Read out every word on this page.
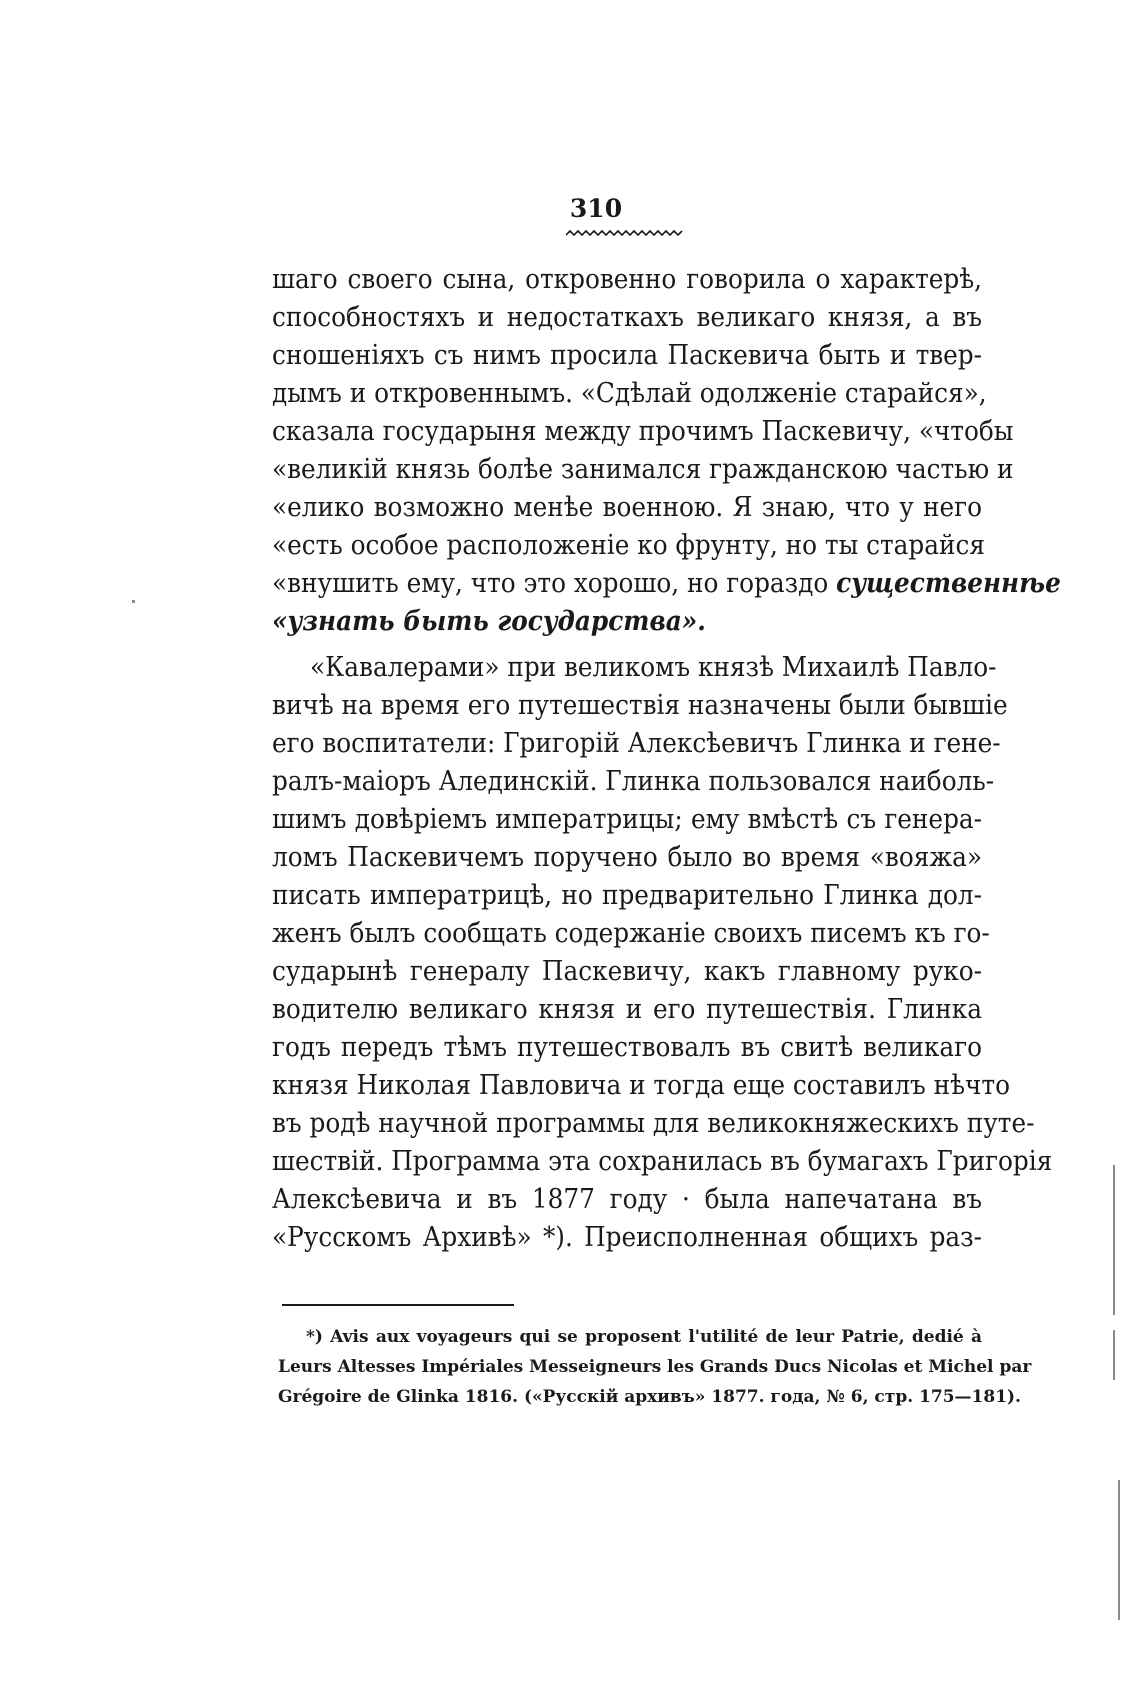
310
шаго своего сына, откровенно говорила о характерѣ,
способностяхъ и недостаткахъ великаго князя, а въ
сношеніяхъ съ нимъ просила Паскевича быть и твер-
дымъ и откровеннымъ. «Сдѣлай одолженіе старайся»,
сказала государыня между прочимъ Паскевичу, «чтобы
«великій князь болѣе занимался гражданскою частью и
«елико возможно менѣе военною. Я знаю, что у него
«есть особое расположеніе ко фрунту, но ты старайся
«внушить ему, что это хорошо, но гораздо существеннѣе
«узнать быть государства».
«Кавалерами» при великомъ князѣ Михаилѣ Павло-
вичѣ на время его путешествія назначены были бывшіе
его воспитатели: Григорій Алексѣевичъ Глинка и гене-
ралъ-маіоръ Алединскій. Глинка пользовался наиболь-
шимъ довѣріемъ императрицы; ему вмѣстѣ съ генера-
ломъ Паскевичемъ поручено было во время «вояжа»
писать императрицѣ, но предварительно Глинка дол-
женъ былъ сообщать содержаніе своихъ писемъ къ го-
сударынѣ генералу Паскевичу, какъ главному руко-
водителю великаго князя и его путешествія. Глинка
годъ передъ тѣмъ путешествовалъ въ свитѣ великаго
князя Николая Павловича и тогда еще составилъ нѣчто
въ родѣ научной программы для великокняжескихъ путе-
шествій. Программа эта сохранилась въ бумагахъ Григорія
Алексѣевича и въ 1877 году · была напечатана въ
«Русскомъ Архивѣ» *). Преисполненная общихъ раз-
*) Avis aux voyageurs qui se proposent l'utilité de leur Patrie, dedié à
Leurs Altesses Impériales Messeigneurs les Grands Ducs Nicolas et Michel par
Grégoire de Glinka 1816. («Русскій архивъ» 1877. года, № 6, стр. 175—181).
